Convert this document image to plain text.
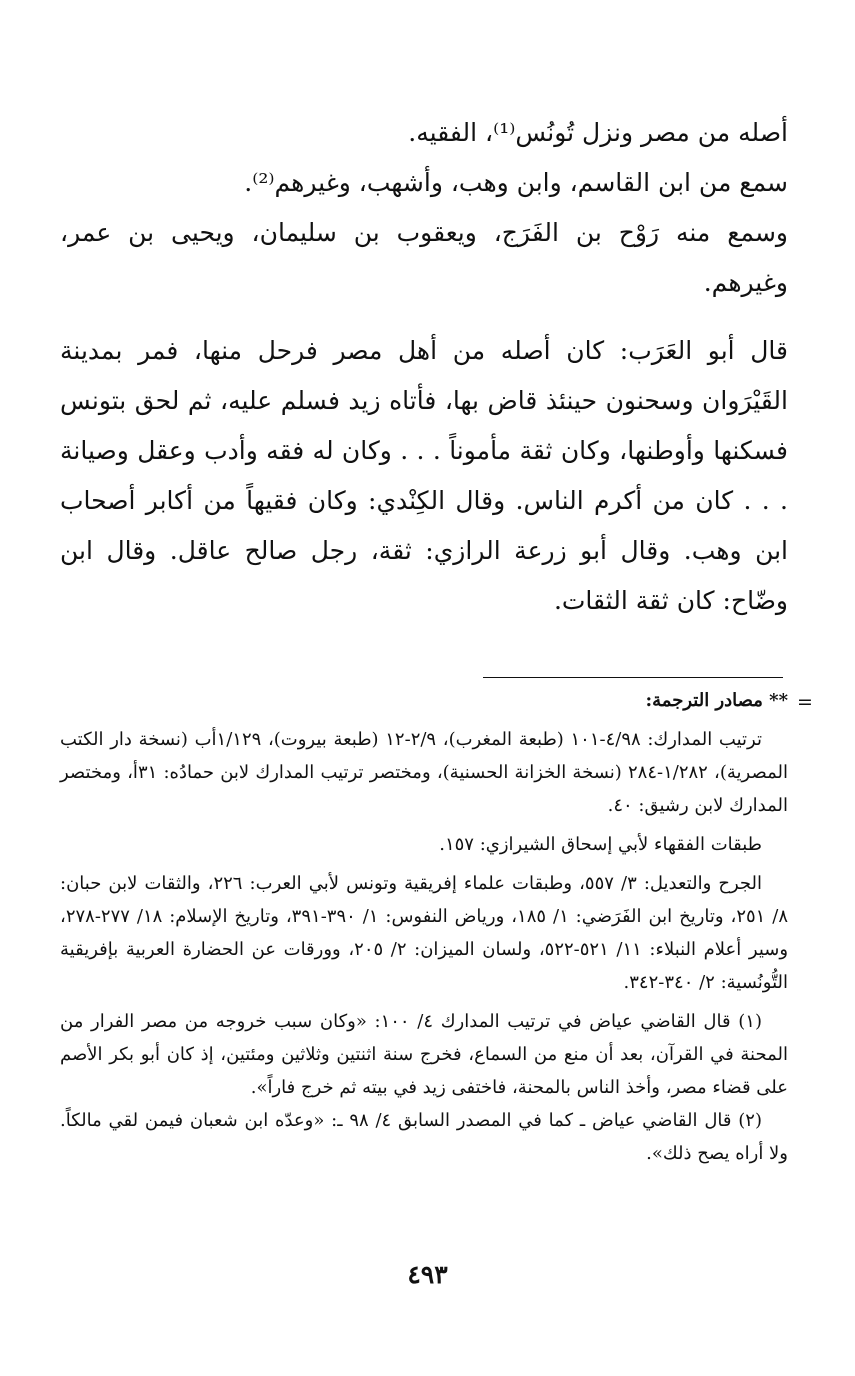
أصله من مصر ونزل تُونُس⁽¹⁾، الفقيه.

سمع من ابن القاسم، وابن وهب، وأشهب، وغيرهم⁽²⁾.

وسمع منه رَوْح بن الفَرَج، ويعقوب بن سليمان، ويحيى بن عمر، وغيرهم.

قال أبو العَرَب: كان أصله من أهل مصر فرحل منها، فمر بمدينة القَيْرَوان وسحنون حينئذ قاض بها، فأتاه زيد فسلم عليه، ثم لحق بتونس فسكنها وأوطنها، وكان ثقة مأموناً . . . وكان له فقه وأدب وعقل وصيانة . . . كان من أكرم الناس. وقال الكِنْدي: وكان فقيهاً من أكابر أصحاب ابن وهب. وقال أبو زرعة الرازي: ثقة، رجل صالح عاقل. وقال ابن وضّاح: كان ثقة الثقات.

=

** مصادر الترجمة:

ترتيب المدارك: ٤/٩٨-١٠١ (طبعة المغرب)، ٢/٩-١٢ (طبعة بيروت)، ١/١٢٩أب (نسخة دار الكتب المصرية)، ١/٢٨٢-٢٨٤ (نسخة الخزانة الحسنية)، ومختصر ترتيب المدارك لابن حمادُه: ٣١أ، ومختصر المدارك لابن رشيق: ٤٠.

طبقات الفقهاء لأبي إسحاق الشيرازي: ١٥٧.

الجرح والتعديل: ٣/ ٥٥٧، وطبقات علماء إفريقية وتونس لأبي العرب: ٢٢٦، والثقات لابن حبان: ٨/ ٢٥١، وتاريخ ابن الفَرَضي: ١/ ١٨٥، ورياض النفوس: ١/ ٣٩٠-٣٩١، وتاريخ الإسلام: ١٨/ ٢٧٧-٢٧٨، وسير أعلام النبلاء: ١١/ ٥٢١-٥٢٢، ولسان الميزان: ٢/ ٢٠٥، وورقات عن الحضارة العربية بإفريقية التُّونُسية: ٢/ ٣٤٠-٣٤٢.

(١) قال القاضي عياض في ترتيب المدارك ٤/ ١٠٠: «وكان سبب خروجه من مصر الفرار من المحنة في القرآن، بعد أن منع من السماع، فخرج سنة اثنتين وثلاثين ومئتين، إذ كان أبو بكر الأصم على قضاء مصر، وأخذ الناس بالمحنة، فاختفى زيد في بيته ثم خرج فاراً».

(٢) قال القاضي عياض ـ كما في المصدر السابق ٤/ ٩٨ ـ: «وعدّه ابن شعبان فيمن لقي مالكاً. ولا أراه يصح ذلك».

٤٩٣
